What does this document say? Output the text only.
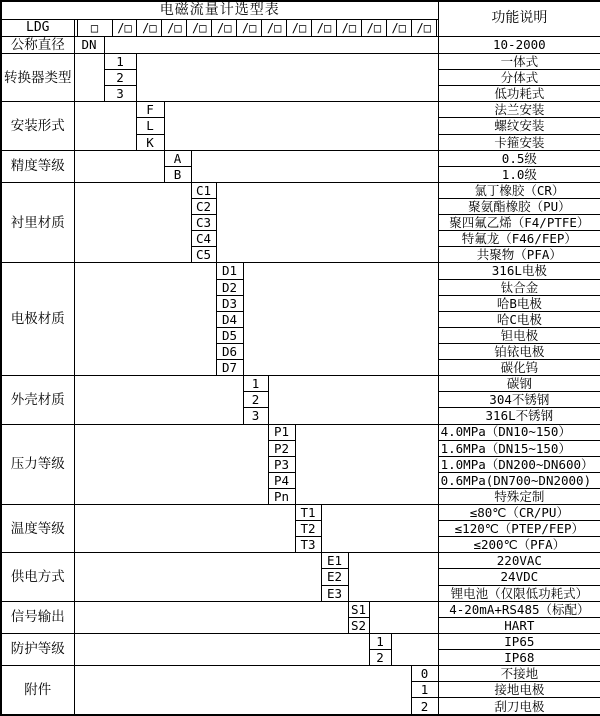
电磁流量计选型表															功能说明
LDG	□	/□ /□ /□ /□ /□ /□ /□ /□ /□ /□ /□ /□ /□

公称直径	DN														10-2000
转换器类型		1													一体式
		2													分体式
		3													低功耗式
安装形式			F												法兰安装
			L												螺纹安装
			K												卡箍安装
精度等级				A											0.5级
				B											1.0级
衬里材质					C1										氯丁橡胶（CR）
					C2										聚氨酯橡胶（PU）
					C3										聚四氟乙烯（F4/PTFE）
					C4										特氟龙（F46/FEP）
					C5										共聚物（PFA）
电极材质						D1									316L电极
						D2									钛合金
						D3									哈B电极
						D4									哈C电极
						D5									钽电极
						D6									铂铱电极
						D7									碳化钨
外壳材质							1								碳钢
							2								304不锈钢
							3								316L不锈钢
压力等级								P1							4.0MPa（DN10~150）
								P2							1.6MPa（DN15~150）
								P3							1.0MPa（DN200~DN600）
								P4							0.6MPa(DN700~DN2000)
								Pn							特殊定制
温度等级									T1						≤80℃（CR/PU）
									T2						≤120℃（PTEP/FEP）
									T3						≤200℃（PFA）
供电方式										E1					220VAC
										E2					24VDC
										E3					锂电池（仅限低功耗式）
信号输出											S1				4-20mA+RS485（标配）
											S2				HART
防护等级												1			IP65
												2			IP68
附件														0	不接地
														1	接地电极
														2	刮刀电极
